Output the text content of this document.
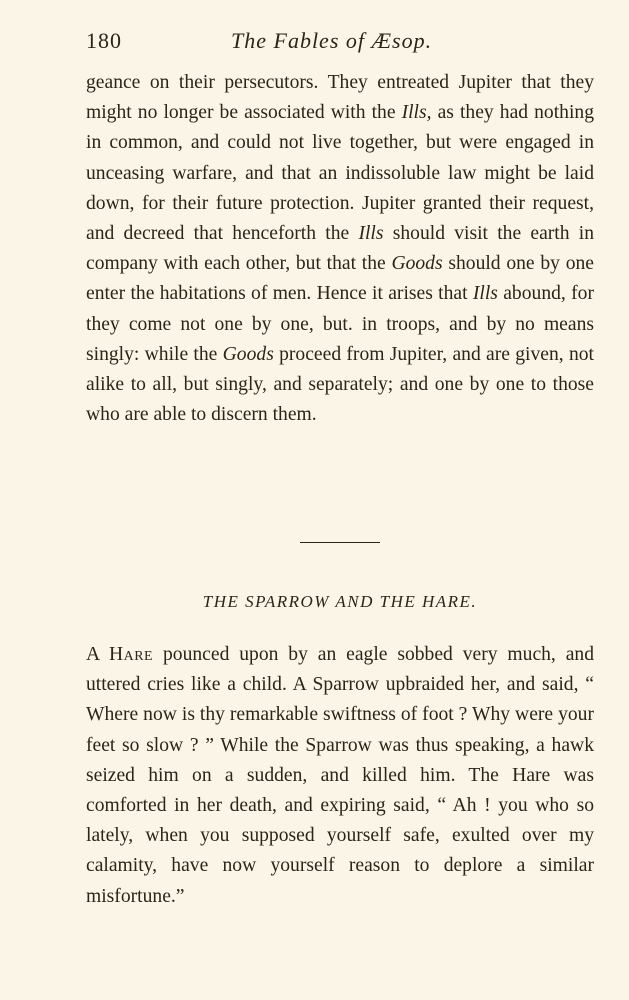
180	The Fables of Æsop.

geance on their persecutors. They entreated Jupiter that they might no longer be associated with the Ills, as they had nothing in common, and could not live together, but were engaged in unceasing warfare, and that an indissoluble law might be laid down, for their future protection. Jupiter granted their request, and decreed that henceforth the Ills should visit the earth in company with each other, but that the Goods should one by one enter the habitations of men. Hence it arises that Ills abound, for they come not one by one, but. in troops, and by no means singly: while the Goods proceed from Jupiter, and are given, not alike to all, but singly, and separately; and one by one to those who are able to discern them.

THE SPARROW AND THE HARE.

A Hare pounced upon by an eagle sobbed very much, and uttered cries like a child. A Sparrow upbraided her, and said, “ Where now is thy remarkable swiftness of foot ? Why were your feet so slow ? ” While the Sparrow was thus speaking, a hawk seized him on a sudden, and killed him. The Hare was comforted in her death, and expiring said, “ Ah ! you who so lately, when you supposed yourself safe, exulted over my calamity, have now yourself reason to deplore a similar misfortune.”
